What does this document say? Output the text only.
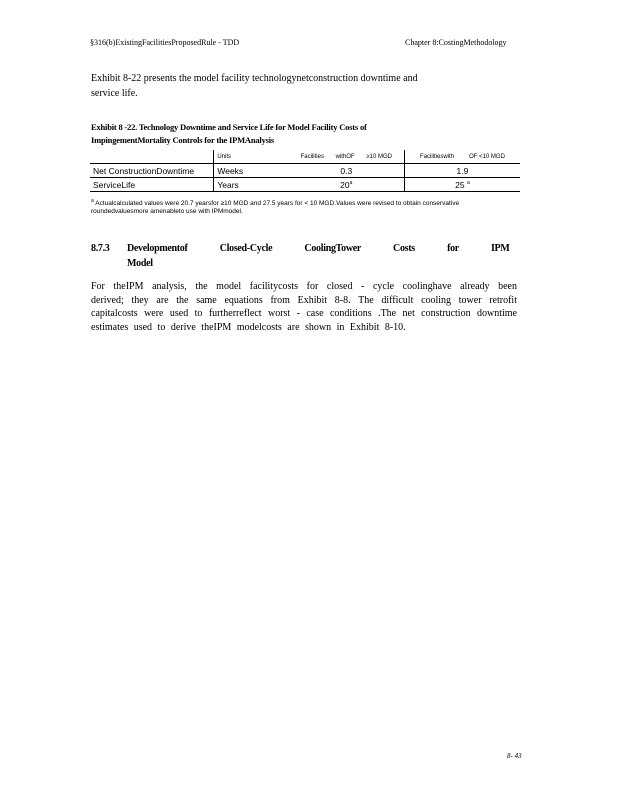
§316(b)ExistingFacilitiesProposedRule - TDD	Chapter 8:CostingMethodology
Exhibit 8-22 presents the model facility technologynetconstruction downtime and
service life.
Exhibit 8 -22. Technology Downtime and Service Life for Model Facility Costs of
ImpingementMortality Controls for the IPMAnalysis
	Units	Facilities withOF ≥10 MGD	Facilitieswith OF <10 MGD
Net ConstructionDowntime	Weeks	0.3	1.9
ServiceLife	Years	20$^a$	25 $^a$
$^a$ Actualcalculated values were 20.7 yearsfor ≥10 MGD and 27.5 years for < 10 MGD.Values were revised to obtain conservative roundedvaluesmore amenableto use with IPMmodel.
8.7.3 Developmentof Closed-Cycle CoolingTower Costs for IPM
Model
For theIPM analysis, the model facilitycosts for closed - cycle coolinghave already been derived; they are the same equations from Exhibit 8-8. The difficult cooling tower retrofit capitalcosts were used to furtherreflect worst - case conditions .The net construction downtime estimates used to derive theIPM modelcosts are shown in Exhibit 8-10.
8- 43
